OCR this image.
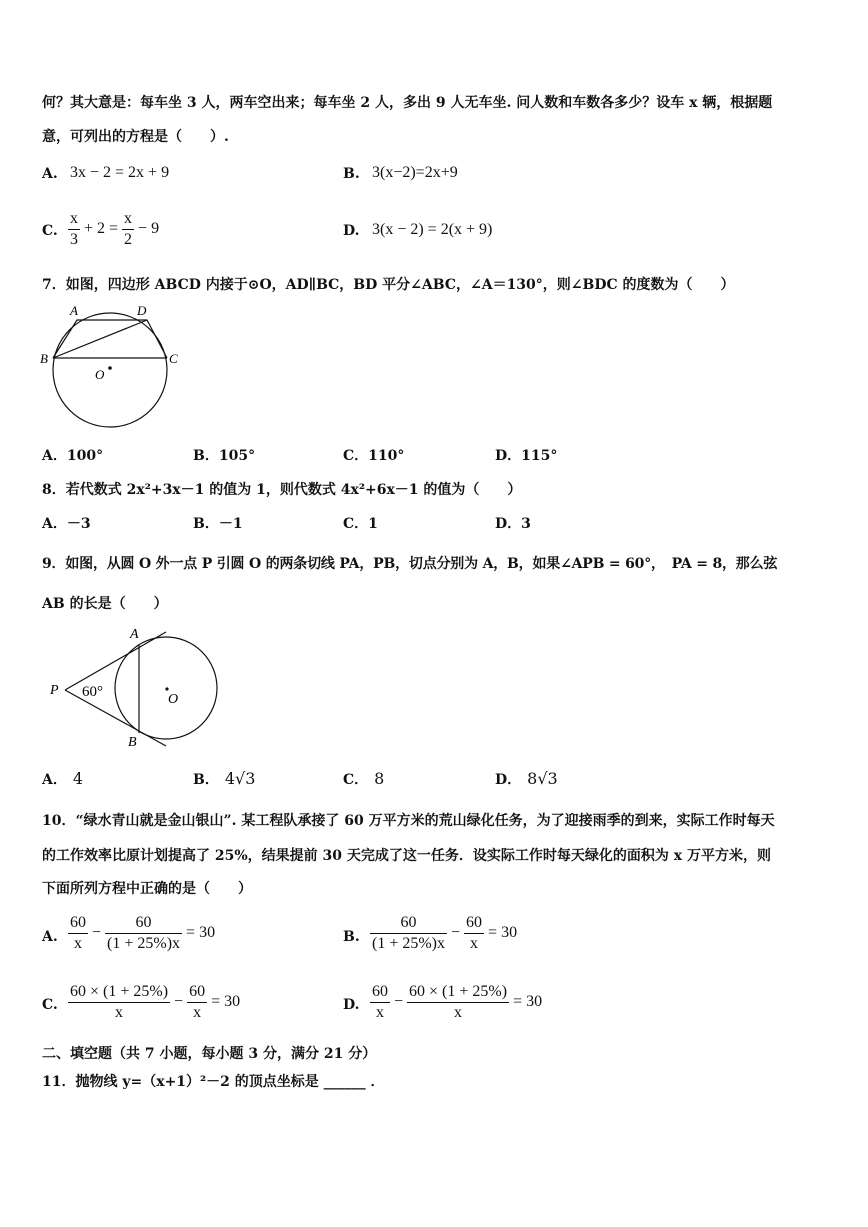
何？其大意是：每车坐 3 人，两车空出来；每车坐 2 人，多出 9 人无车坐. 问人数和车数各多少？设车 x 辆，根据题
意，可列出的方程是（　　）.
A. 3x − 2 = 2x + 9	B. 3(x−2)=2x+9
C. $\frac{x}{3} + 2 = \frac{x}{2} - 9$	D. 3(x − 2) = 2(x + 9)
7．如图，四边形 ABCD 内接于⊙O，AD∥BC，BD 平分∠ABC，∠A＝130°，则∠BDC 的度数为（　　）
A	D
B	C
O
A．100°	B．105°	C．110°	D．115°
8．若代数式 2x²+3x－1 的值为 1，则代数式 4x²+6x－1 的值为（　　）
A．－3	B．－1	C．1	D．3
9．如图，从圆 O 外一点 P 引圆 O 的两条切线 PA，PB，切点分别为 A，B，如果∠APB = 60°，　PA = 8，那么弦
AB 的长是（　　）
A
P 60°	O
B
A． 4	B． 4√3	C． 8	D． 8√3
10．“绿水青山就是金山银山”. 某工程队承接了 60 万平方米的荒山绿化任务，为了迎接雨季的到来，实际工作时每天
的工作效率比原计划提高了 25%，结果提前 30 天完成了这一任务．设实际工作时每天绿化的面积为 x 万平方米，则
下面所列方程中正确的是（　　）
A. $\frac{60}{x} - \frac{60}{(1 + 25\%)x} = 30$	B. $\frac{60}{(1 + 25\%)x} - \frac{60}{x} = 30$
C. $\frac{60 \times (1 + 25\%)}{x} - \frac{60}{x} = 30$	D. $\frac{60}{x} - \frac{60 \times (1 + 25\%)}{x} = 30$
二、填空题（共 7 小题，每小题 3 分，满分 21 分）
11．抛物线 y=（x+1）²－2 的顶点坐标是 ______ ．
